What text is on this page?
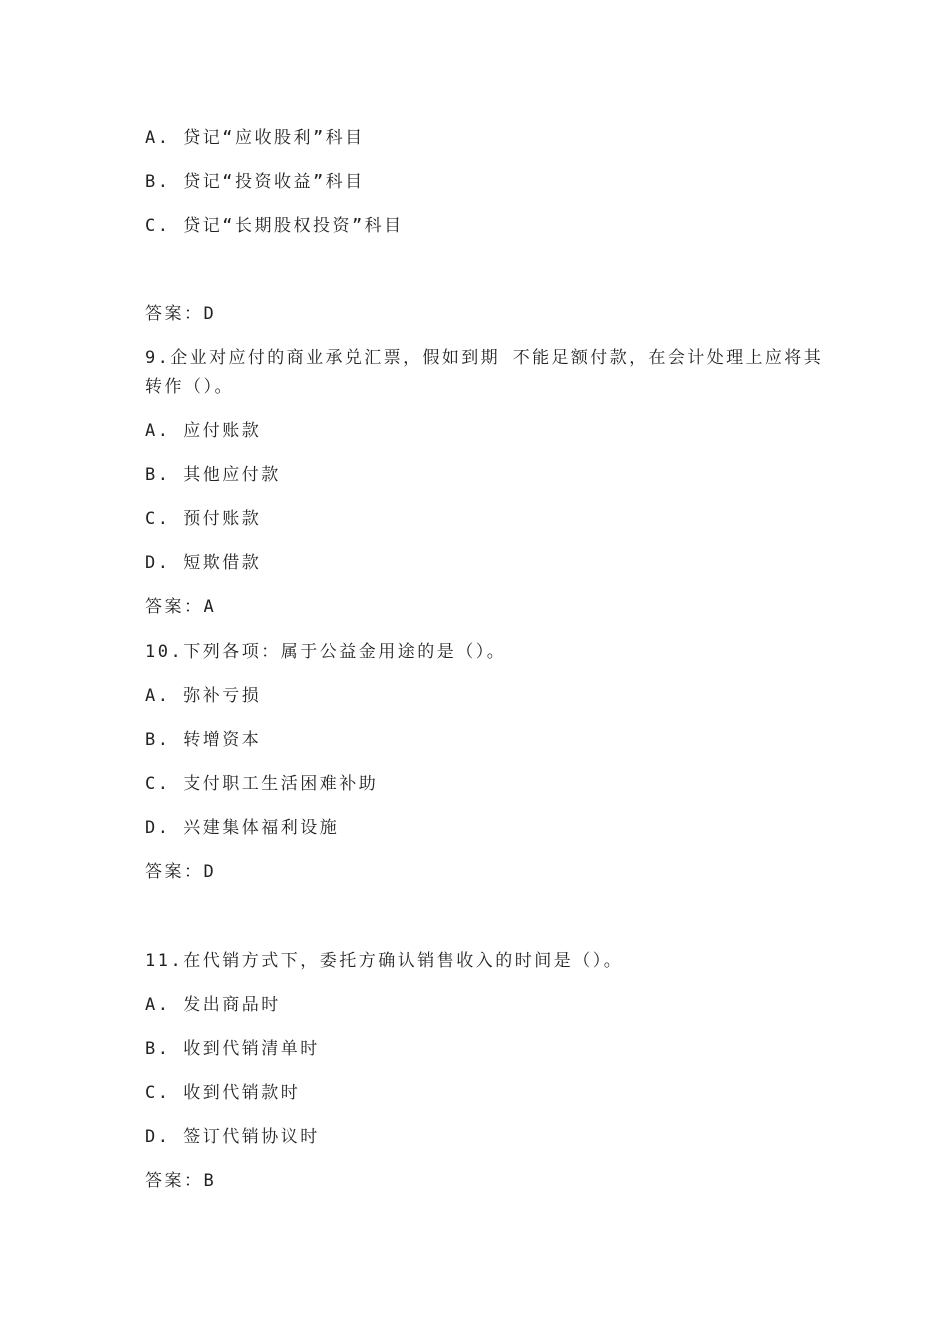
A. 贷记“应收股利”科目
B. 贷记“投资收益”科目
C. 贷记“长期股权投资”科目
答案：D
9.企业对应付的商业承兑汇票，假如到期 不能足额付款，在会计处理上应将其
转作（）。
A. 应付账款
B. 其他应付款
C. 预付账款
D. 短欺借款
答案：A
10.下列各项：属于公益金用途的是（）。
A. 弥补亏损
B. 转增资本
C. 支付职工生活困难补助
D. 兴建集体福利设施
答案：D
11.在代销方式下，委托方确认销售收入的时间是（）。
A. 发出商品时
B. 收到代销清单时
C. 收到代销款时
D. 签订代销协议时
答案：B
